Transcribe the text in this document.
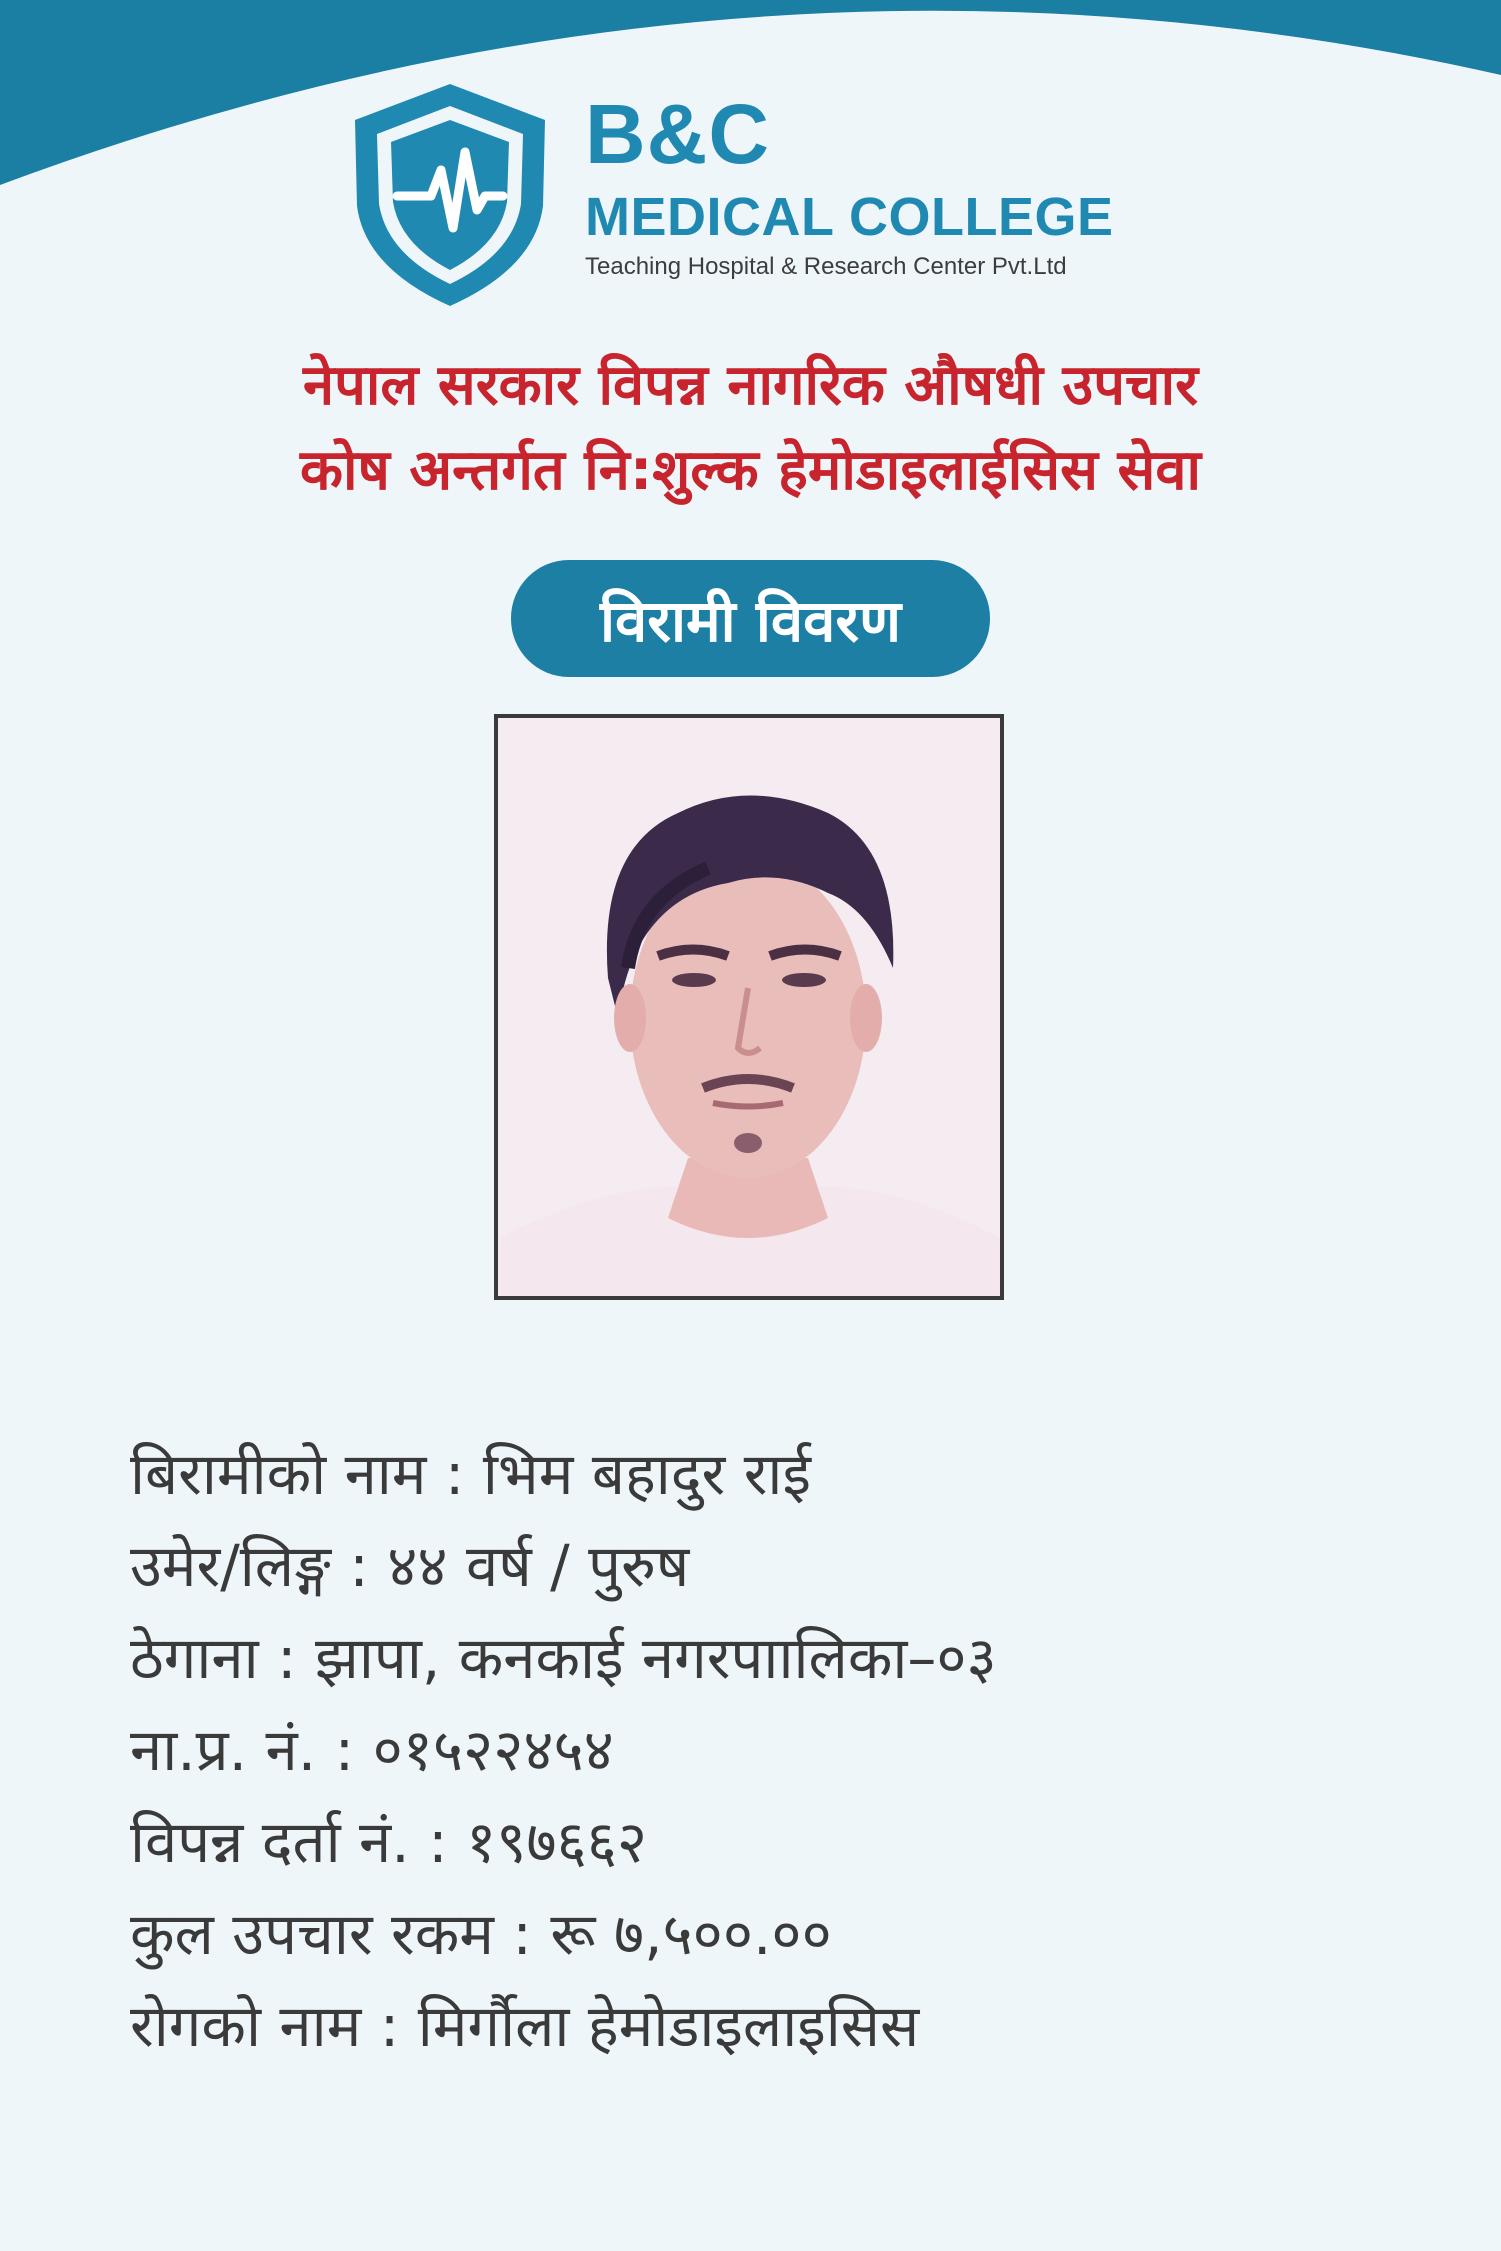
B&C

MEDICAL COLLEGE

Teaching Hospital & Research Center Pvt.Ltd

नेपाल सरकार विपन्न नागरिक औषधी उपचार

कोष अन्तर्गत नि:शुल्क हेमोडाइलाईसिस सेवा

विरामी विवरण

बिरामीको नाम : भिम बहादुर राई

उमेर/लिङ्ग : ४४ वर्ष / पुरुष

ठेगाना : झापा, कनकाई नगरपाालिका–०३

ना.प्र. नं. : ०१५२२४५४

विपन्न दर्ता नं. : १९७६६२

कुल उपचार रकम : रू ७,५००.००

रोगको नाम : मिर्गौला हेमोडाइलाइसिस
